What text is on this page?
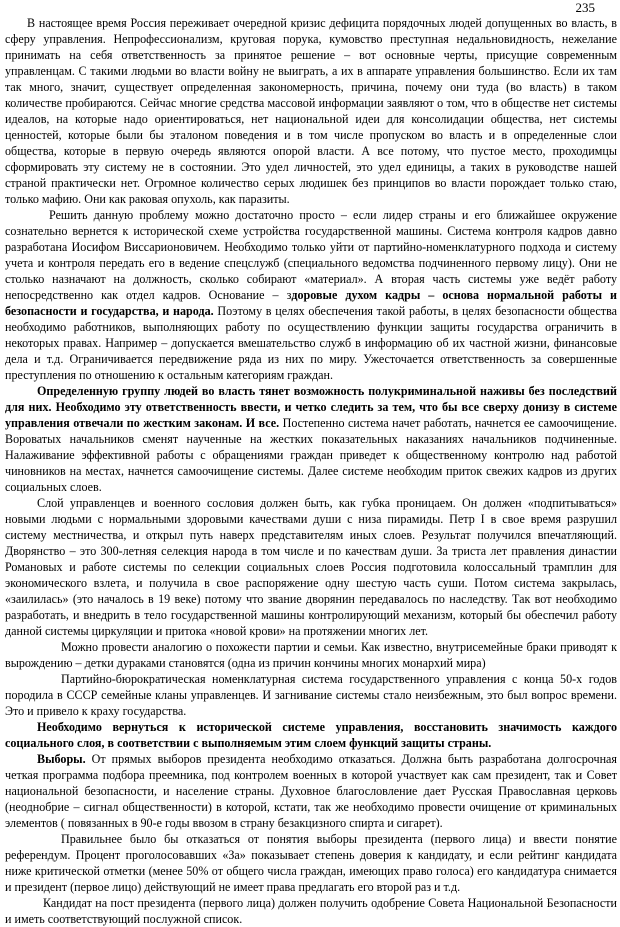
235

В настоящее время Россия переживает очередной кризис дефицита порядочных людей допущенных во власть, в сферу управления. Непрофессионализм, круговая порука, кумовство преступная недальновидность, нежелание принимать на себя ответственность за принятое решение – вот основные черты, присущие современным управленцам. С такими людьми во власти войну не выиграть, а их в аппарате управления большинство. Если их там так много, значит, существует определенная закономерность, причина, почему они туда (во власть) в таком количестве пробираются. Сейчас многие средства массовой информации заявляют о том, что в обществе нет системы идеалов, на которые надо ориентироваться, нет национальной идеи для консолидации общества, нет системы ценностей, которые были бы эталоном поведения и в том числе пропуском во власть и в определенные слои общества, которые в первую очередь являются опорой власти. А все потому, что пустое место, проходимцы сформировать эту систему не в состоянии. Это удел личностей, это удел единицы, а таких в руководстве нашей страной практически нет. Огромное количество серых людишек без принципов во власти порождает только стаю, только мафию. Они как раковая опухоль, как паразиты.

Решить данную проблему можно достаточно просто – если лидер страны и его ближайшее окружение сознательно вернется к исторической схеме устройства государственной машины. Система контроля кадров давно разработана Иосифом Виссарионовичем. Необходимо только уйти от партийно-номенклатурного подхода и систему учета и контроля передать его в ведение спецслужб (специального ведомства подчиненного первому лицу). Они не столько назначают на должность, сколько собирают «материал». А вторая часть системы уже ведёт работу непосредственно как отдел кадров. Основание – здоровые духом кадры – основа нормальной работы и безопасности и государства, и народа. Поэтому в целях обеспечения такой работы, в целях безопасности общества необходимо работников, выполняющих работу по осуществлению функции защиты государства ограничить в некоторых правах. Например – допускается вмешательство служб в информацию об их частной жизни, финансовые дела и т.д. Ограничивается передвижение ряда из них по миру. Ужесточается ответственность за совершенные преступления по отношению к остальным категориям граждан.

Определенную группу людей во власть тянет возможность полукриминальной наживы без последствий для них. Необходимо эту ответственность ввести, и четко следить за тем, что бы все сверху донизу в системе управления отвечали по жестким законам. И все. Постепенно система начет работать, начнется ее самоочищение. Вороватых начальников сменят наученные на жестких показательных наказаниях начальников подчиненные. Налаживание эффективной работы с обращениями граждан приведет к общественному контролю над работой чиновников на местах, начнется самоочищение системы. Далее системе необходим приток свежих кадров из других социальных слоев.

Слой управленцев и военного сословия должен быть, как губка проницаем. Он должен «подпитываться» новыми людьми с нормальными здоровыми качествами души с низа пирамиды. Петр I в свое время разрушил систему местничества, и открыл путь наверх представителям иных слоев. Результат получился впечатляющий. Дворянство – это 300-летняя селекция народа в том числе и по качествам души. За триста лет правления династии Романовых и работе системы по селекции социальных слоев Россия подготовила колоссальный трамплин для экономического взлета, и получила в свое распоряжение одну шестую часть суши. Потом система закрылась, «заилилась» (это началось в 19 веке) потому что звание дворянин передавалось по наследству. Так вот необходимо разработать, и внедрить в тело государственной машины контролирующий механизм, который бы обеспечил работу данной системы циркуляции и притока «новой крови» на протяжении многих лет.

Можно провести аналогию о похожести партии и семьи. Как известно, внутрисемейные браки приводят к вырождению – детки дураками становятся (одна из причин кончины многих монархий мира)

Партийно-бюрократическая номенклатурная система государственного управления с конца 50-х годов породила в СССР семейные кланы управленцев. И загнивание системы стало неизбежным, это был вопрос времени. Это и привело к краху государства.

Необходимо вернуться к исторической системе управления, восстановить значимость каждого социального слоя, в соответствии с выполняемым этим слоем функций защиты страны.

Выборы. От прямых выборов президента необходимо отказаться. Должна быть разработана долгосрочная четкая программа подбора преемника, под контролем военных в которой участвует как сам президент, так и Совет национальной безопасности, и население страны. Духовное благословление дает Русская Православная церковь (неоднобрие – сигнал общественности) в которой, кстати, так же необходимо провести очищение от криминальных элементов ( повязанных в 90-е годы ввозом в страну безакцизного спирта и сигарет).

Правильнее было бы отказаться от понятия выборы президента (первого лица) и ввести понятие референдум. Процент проголосовавших «За» показывает степень доверия к кандидату, и если рейтинг кандидата ниже критической отметки (менее 50% от общего числа граждан, имеющих право голоса) его кандидатура снимается и президент (первое лицо) действующий не имеет права предлагать его второй раз и т.д.

Кандидат на пост президента (первого лица) должен получить одобрение Совета Национальной Безопасности и иметь соответствующий послужной список.
